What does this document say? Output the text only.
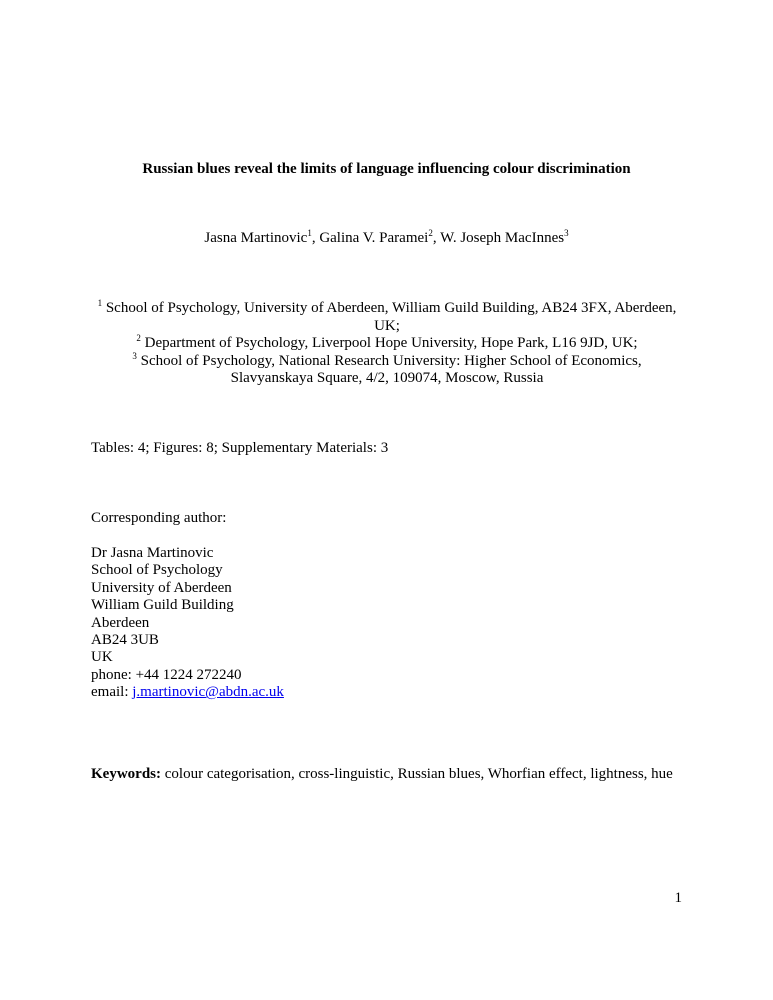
Russian blues reveal the limits of language influencing colour discrimination
Jasna Martinovic$^1$, Galina V. Paramei$^2$, W. Joseph MacInnes$^3$

$^1$ School of Psychology, University of Aberdeen, William Guild Building, AB24 3FX, Aberdeen,
UK;

$^2$ Department of Psychology, Liverpool Hope University, Hope Park, L16 9JD, UK;

$^3$ School of Psychology, National Research University: Higher School of Economics,
Slavyanskaya Square, 4/2, 109074, Moscow, Russia

Tables: 4; Figures: 8; Supplementary Materials: 3
Corresponding author:
Dr Jasna Martinovic
School of Psychology
University of Aberdeen
William Guild Building
Aberdeen
AB24 3UB
UK
phone: +44 1224 272240
email: j.martinovic@abdn.ac.uk
Keywords: colour categorisation, cross-linguistic, Russian blues, Whorfian effect, lightness, hue
1
